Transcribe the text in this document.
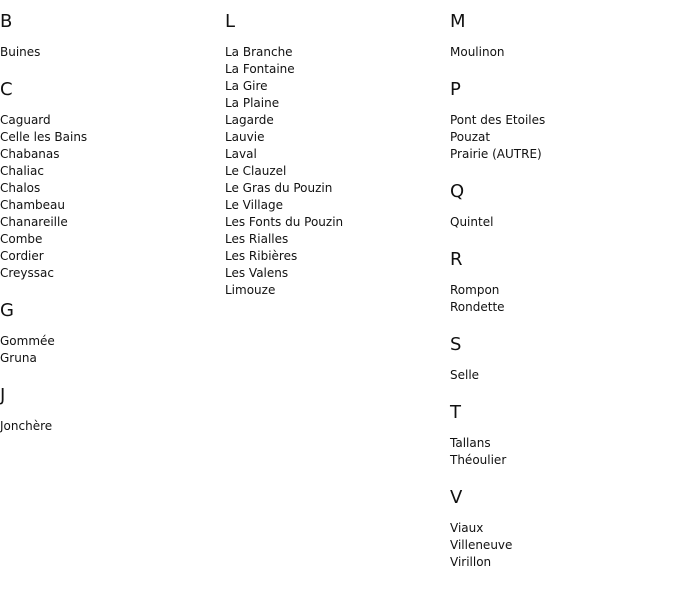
B
Buines
C
Caguard
Celle les Bains
Chabanas
Chaliac
Chalos
Chambeau
Chanareille
Combe
Cordier
Creyssac
G
Gommée
Gruna
J
Jonchère
L
La Branche
La Fontaine
La Gire
La Plaine
Lagarde
Lauvie
Laval
Le Clauzel
Le Gras du Pouzin
Le Village
Les Fonts du Pouzin
Les Rialles
Les Ribières
Les Valens
Limouze
M
Moulinon
P
Pont des Etoiles
Pouzat
Prairie (AUTRE)
Q
Quintel
R
Rompon
Rondette
S
Selle
T
Tallans
Théoulier
V
Viaux
Villeneuve
Virillon
